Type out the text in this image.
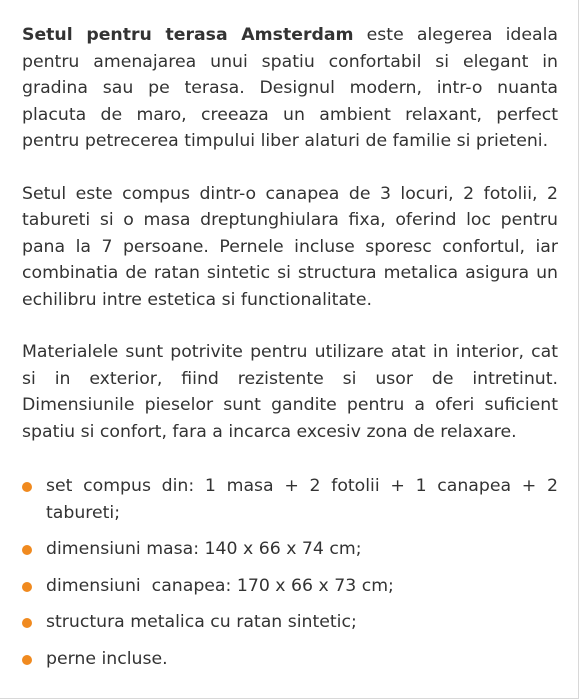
Setul pentru terasa Amsterdam este alegerea ideala pentru amenajarea unui spatiu confortabil si elegant in gradina sau pe terasa. Designul modern, intr-o nuanta placuta de maro, creeaza un ambient relaxant, perfect pentru petrecerea timpului liber alaturi de familie si prieteni.

Setul este compus dintr-o canapea de 3 locuri, 2 fotolii, 2 tabureti si o masa dreptunghiulara fixa, oferind loc pentru pana la 7 persoane. Pernele incluse sporesc confortul, iar combinatia de ratan sintetic si structura metalica asigura un echilibru intre estetica si functionalitate.

Materialele sunt potrivite pentru utilizare atat in interior, cat si in exterior, fiind rezistente si usor de intretinut. Dimensiunile pieselor sunt gandite pentru a oferi suficient spatiu si confort, fara a incarca excesiv zona de relaxare.

set compus din: 1 masa + 2 fotolii + 1 canapea + 2 tabureti;
dimensiuni masa: 140 x 66 x 74 cm;
dimensiuni  canapea: 170 x 66 x 73 cm;
structura metalica cu ratan sintetic;
perne incluse.
